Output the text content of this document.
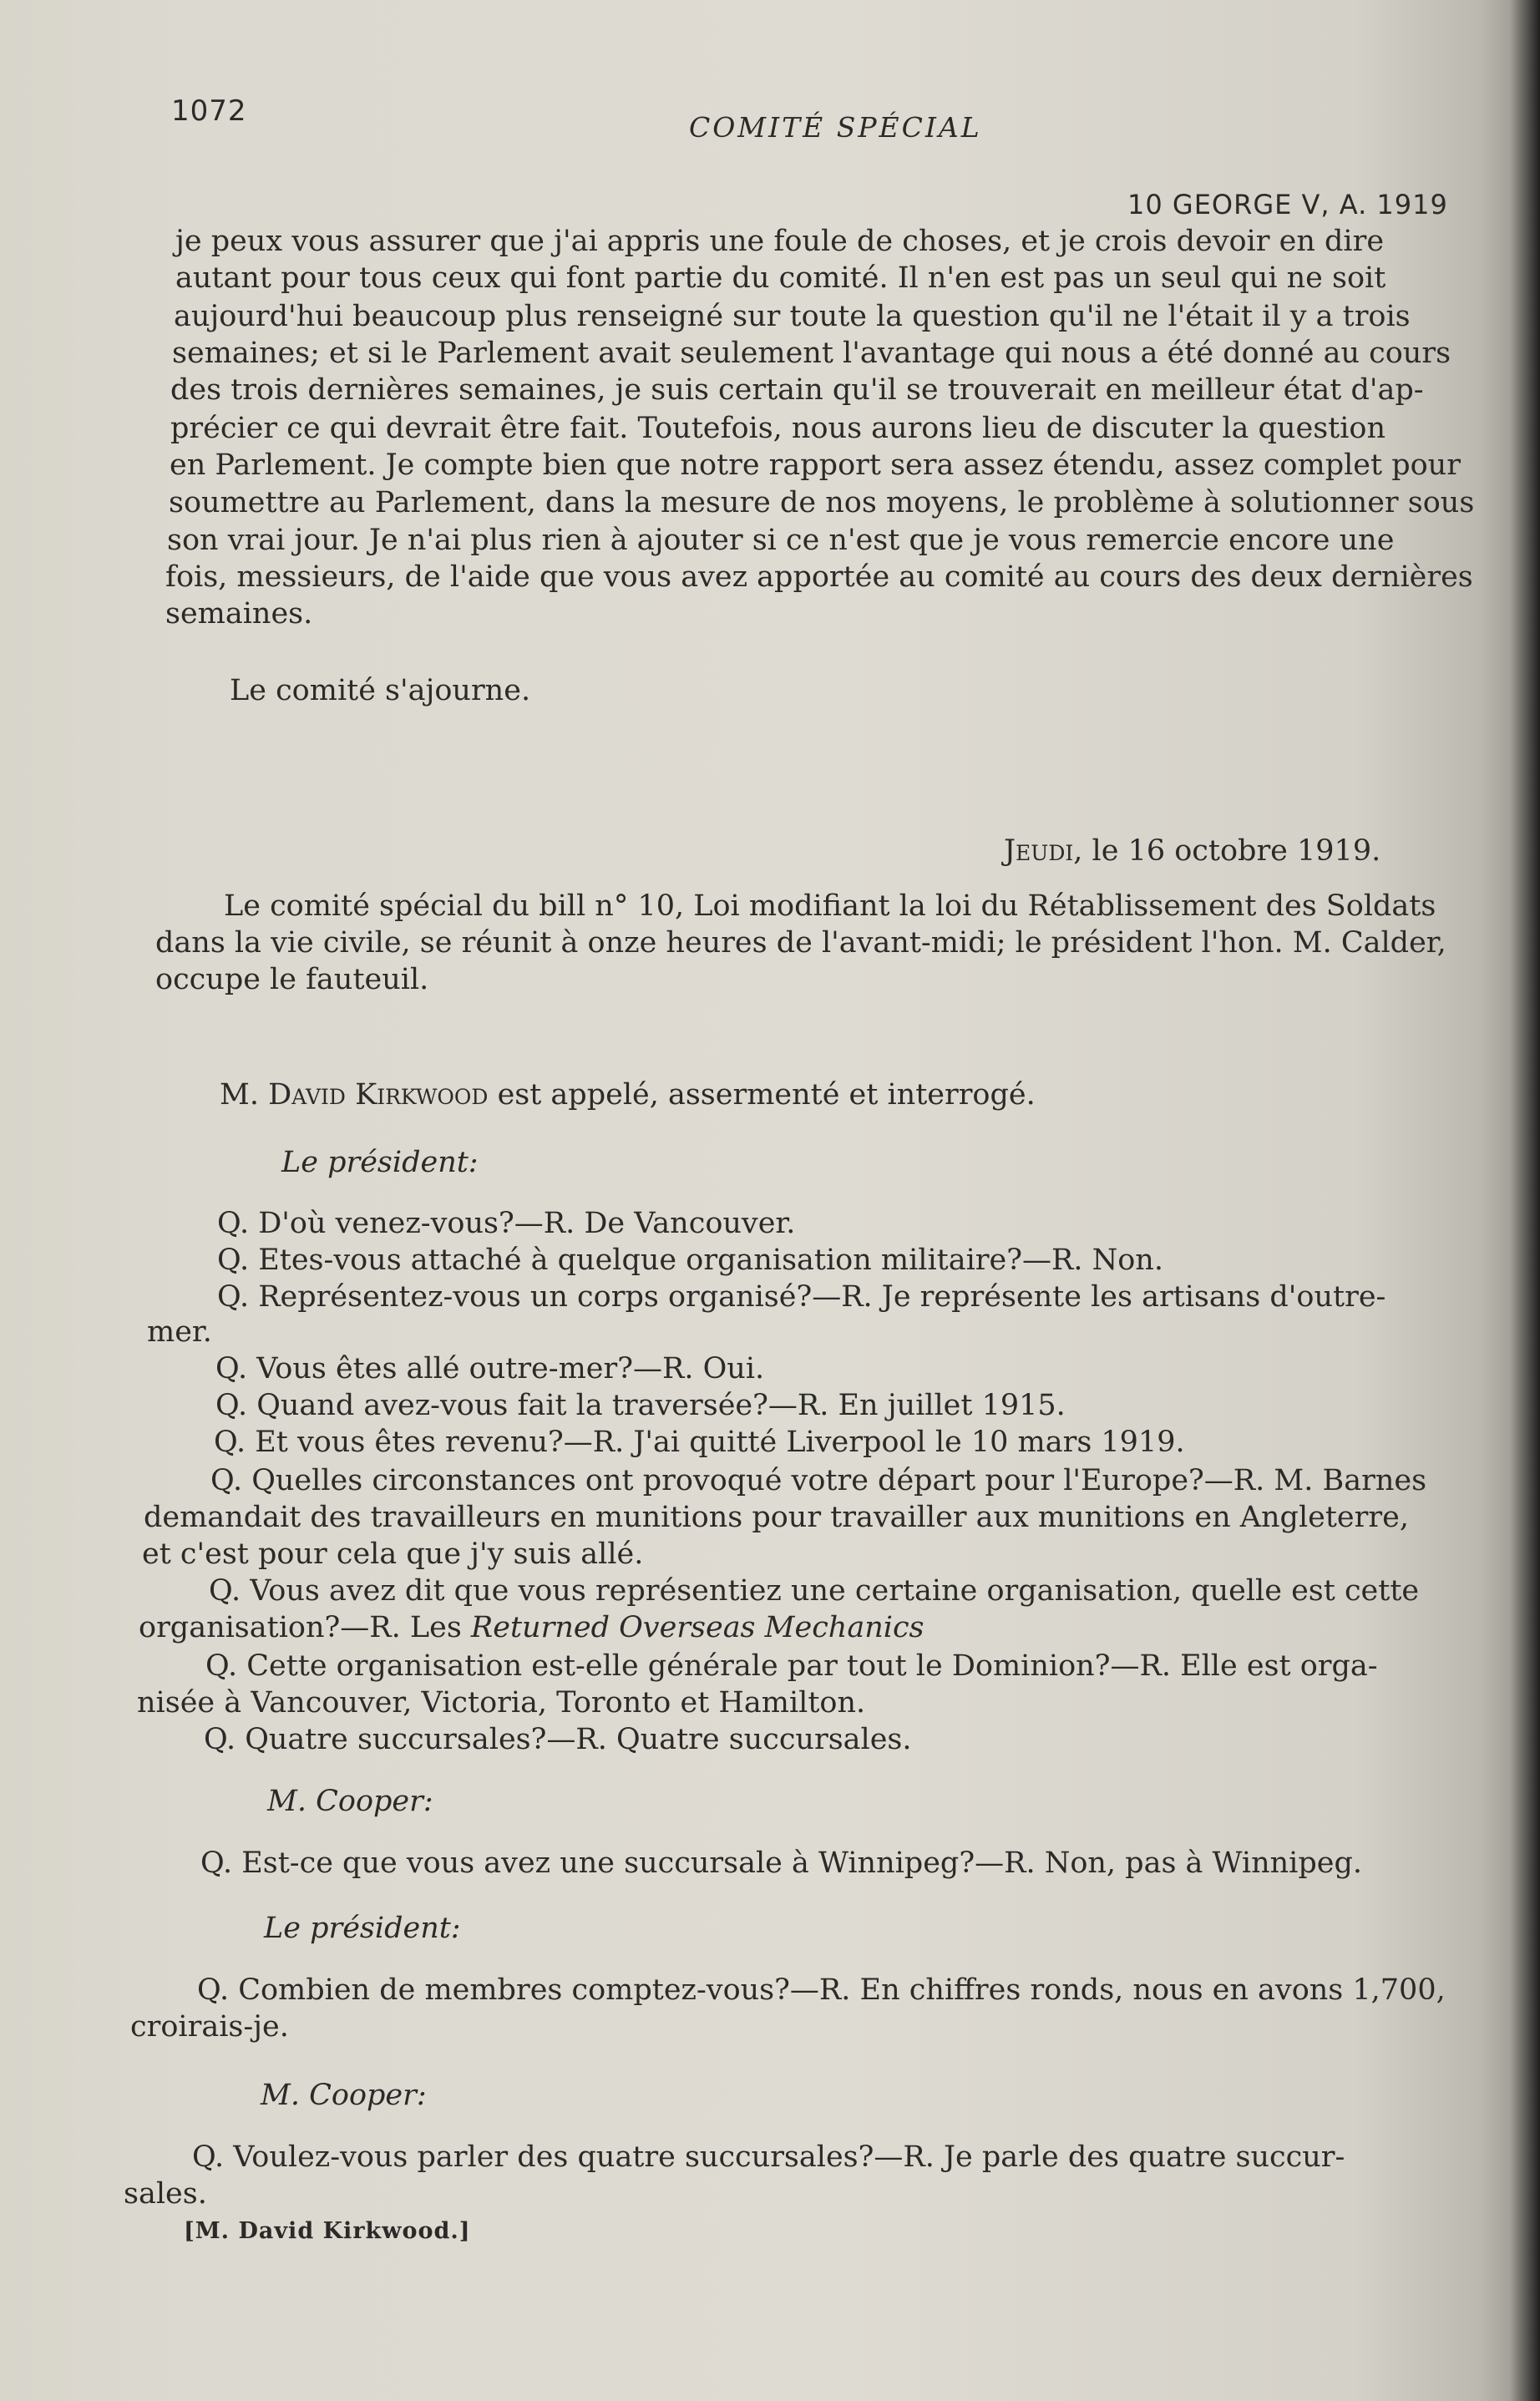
1072	COMITÉ SPÉCIAL
10 GEORGE V, A. 1919
je peux vous assurer que j'ai appris une foule de choses, et je crois devoir en dire
autant pour tous ceux qui font partie du comité. Il n'en est pas un seul qui ne soit
aujourd'hui beaucoup plus renseigné sur toute la question qu'il ne l'était il y a trois
semaines; et si le Parlement avait seulement l'avantage qui nous a été donné au cours
des trois dernières semaines, je suis certain qu'il se trouverait en meilleur état d'ap-
précier ce qui devrait être fait. Toutefois, nous aurons lieu de discuter la question
en Parlement. Je compte bien que notre rapport sera assez étendu, assez complet pour
soumettre au Parlement, dans la mesure de nos moyens, le problème à solutionner sous
son vrai jour. Je n'ai plus rien à ajouter si ce n'est que je vous remercie encore une
fois, messieurs, de l'aide que vous avez apportée au comité au cours des deux dernières
semaines.
Le comité s'ajourne.
Jeudi, le 16 octobre 1919.
Le comité spécial du bill n° 10, Loi modifiant la loi du Rétablissement des Soldats
dans la vie civile, se réunit à onze heures de l'avant-midi; le président l'hon. M. Calder,
occupe le fauteuil.
M. David Kirkwood est appelé, assermenté et interrogé.
Le président:
Q. D'où venez-vous?—R. De Vancouver.
Q. Etes-vous attaché à quelque organisation militaire?—R. Non.
Q. Représentez-vous un corps organisé?—R. Je représente les artisans d'outre-
mer.
Q. Vous êtes allé outre-mer?—R. Oui.
Q. Quand avez-vous fait la traversée?—R. En juillet 1915.
Q. Et vous êtes revenu?—R. J'ai quitté Liverpool le 10 mars 1919.
Q. Quelles circonstances ont provoqué votre départ pour l'Europe?—R. M. Barnes
demandait des travailleurs en munitions pour travailler aux munitions en Angleterre,
et c'est pour cela que j'y suis allé.
Q. Vous avez dit que vous représentiez une certaine organisation, quelle est cette
organisation?—R. Les Returned Overseas Mechanics
Q. Cette organisation est-elle générale par tout le Dominion?—R. Elle est orga-
nisée à Vancouver, Victoria, Toronto et Hamilton.
Q. Quatre succursales?—R. Quatre succursales.
M. Cooper:
Q. Est-ce que vous avez une succursale à Winnipeg?—R. Non, pas à Winnipeg.
Le président:
Q. Combien de membres comptez-vous?—R. En chiffres ronds, nous en avons 1,700,
croirais-je.
M. Cooper:
Q. Voulez-vous parler des quatre succursales?—R. Je parle des quatre succur-
sales.
[M. David Kirkwood.]
